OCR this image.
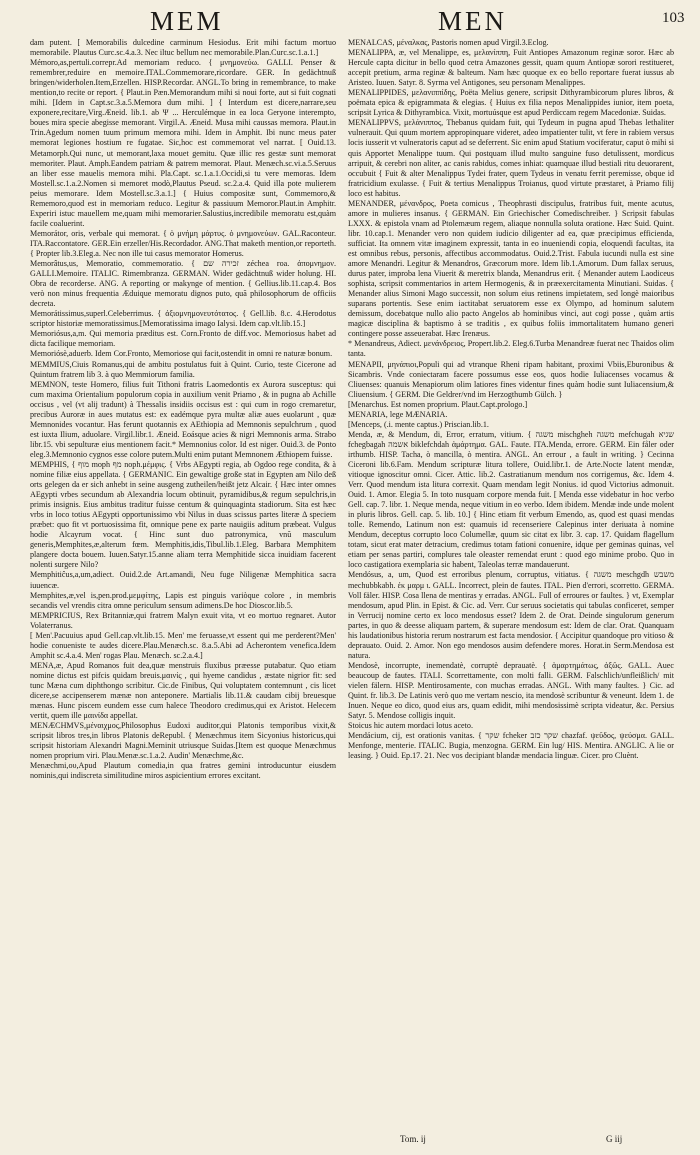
MEM	MEN	103

dam putent. [ Memorabilis dulcedine carminum Hesiodus. Erit mihi factum mortuo memorabile. Plautus Curc.sc.4.a.3. Nec iltuc bellum nec memorabile.Plan.Curc.sc.1.a.1.]

Mémoro,as,pertuli.correpr.Ad memoriam reduco. { μνημονεύω. GALLI. Penser & remembrer,reduire en memoire.ITAL.Commemorare,ricordare. GER. In gedächtnuß bringen/widerholen.Item,Erzellen. HISP.Recordar. ANGL.To bring in remembrance, to make mention,to recite or report. { Plaut.in Pæn.Memorandum mihi si noui forte, aut si fuit cognati mihi. [Idem in Capt.sc.3.a.5.Memora dum mihi. ] { Interdum est dicere,narrare,seu exponere,recitare,Virg.Æneid. lib.1. ab Ψ ... Herculémque in ea loca Geryone interempto, boues mira specie abegisse memorant. Virgil.A. Æneid. Musa mihi caussas memora. Plaut.in Trin.Agedum nomen tuum primum memora mihi. Idem in Amphit. Ibi nunc meus pater memorat legiones hostium re fugatae. Sic,hoc est commemorat vel narrat. [ Ouid.13. Metamorph.Qui nunc, ut memorant,laxa mouet gemitu. Quæ illic res gestæ sunt memorat memoriter. Plaut. Amph.Eandem patriam & patrem memorat. Plaut. Menæch.sc.vi.a.5.Seruus an liber esse mauelis memora mihi. Pla.Capt. sc.1.a.1.Occidi,si tu vere memoras. Idem Mostell.sc.1.a.2.Nomen si memoret modò,Plautus Pseud. sc.2.a.4. Quid illa pote mulierem peius memorare. Idem Mostell.sc.3.a.1.] { Huius compositæ sunt, Commemoro,& Rememoro,quod est in memoriam reduco. Legitur & passiuum Memoror.Plaut.in Amphitr. Experiri istuc mauellem me,quam mihi memorarier.Salustius,incredibile memoratu est,quàm facile coaluerint.

Memorátor, oris, verbale qui memorat. { ὁ μνήμη μάρτυς. ὁ μνημονεύων. GAL.Raconteur. ITA.Raccontatore. GER.Ein erzeller/His.Recordador. ANG.That maketh mention,or reporteth. { Propter lib.3.Eleg.a. Nec non ille tui casus memorator Homerus.

Memorâtus,us, Memoratio, commemoratio. { זכירה שם zéchea roa. ἀπομνημον. GALLI.Memoire. ITALIC. Rimembranza. GERMAN. Wider gedächtnuß wider holung. HI. Obra de recorderse. ANG. A reporting or makynge of mention. { Gellius.lib.11.cap.4. Bos verò non minus frequentia Æduique memoratu dignos puto, quã philosophorum de officiis decreta.

Memorátissimus,superl.Celeberrimus. { ἀξιομνημονευτότατος. { Gell.lib. 8.c. 4.Herodotus scriptor historiæ memoratissimus.[Memoratissima imago Ialysi. Idem cap.vlt.lib.15.]

Memoriósus,a,m. Qui memoria præditus est. Corn.Fronto de diff.voc. Memoriosus habet ad dicta facilique memoriam.

Memoriósè,aduerb. Idem Cor.Fronto, Memoriose qui facit,ostendit in omni re naturæ bonum.

MEMMIUS,Ciuis Romanus,qui de ambitu postulatus fuit à Quint. Curio, teste Cicerone ad Quintum fratrem lib 3. à quo Memmiorum familia.

MEMNON, teste Homero, filius fuit Tithoni fratris Laomedontis ex Aurora susceptus: qui cum maxima Orientalium populorum copia in auxilium venit Priamo , & in pugna ab Achille occisus , vel (vt alij tradunt) à Thessalis insidiis occisus est : qui cum in rogo cremaretur, precibus Auroræ in aues mutatus est: ex eadémque pyra multæ aliæ aues euolarunt , quæ Memnonides vocantur. Has ferunt quotannis ex AEthiopia ad Memnonis sepulchrum , quod est iuxta Ilium, aduolare. Virgil.libr.1. Æneid. Eoásque acies & nigri Memnonis arma. Strabo libr.15. vbi sepulturæ eius mentionem facit.* Memnonius color. Id est niger. Ouid.3. de Ponto eleg.3.Memnonio cygnos esse colore putem.Multi enim putant Memnonem Æthiopem fuisse.

MEMPHIS, { מוף moph מף noph.μέμφις. { Vrbs AEgypti regia, ab Ogdoo rege condita, & à nomine filiæ eius appellata. { GERMANIC. Ein gewaltige große stat in Egypten am Nilo deß orts gelegen da er sich anhebt in seine ausgeng zutheilen/heißt jetz Alcair. { Hæc inter omnes AEgypti vrbes secundum ab Alexandria locum obtinuit, pyramidibus,& regum sepulchris,in primis insignis. Eius ambitus traditur fuisse centum & quinquaginta stadiorum. Sita est hæc vrbs in loco totius AEgypti opportunissimo vbi Nilus in duas scissus partes literæ Δ speciem præbet: quo fit vt portuosissima fit, omnique pene ex parte nauigiis aditum præbeat. Vulgus hodie Alcayrum vocat. { Hinc sunt duo patronymica, vnũ masculum generis,Memphites,æ,alterum fœm. Memphitis,idis,Tibul.lib.1.Eleg. Barbara Memphitem plangere docta bouem. Iuuen.Satyr.15.anne aliam terra Memphitide sicca inuidiam facerent nolenti surgere Nilo?

Memphitiĉus,a,um,adiect. Ouid.2.de Art.amandi, Neu fuge Niligenæ Memphitica sacra iuuencæ.

Memphites,æ,vel is,pen.prod.μεμφίτης, Lapis est pinguis variòque colore , in membris secandis vel vrendis citra omne periculum sensum adimens.De hoc Dioscor.lib.5.

MEMPRICIUS, Rex Britanniæ,qui fratrem Malyn exuit vita, vt eo mortuo regnaret. Autor Volaterranus.

[ Men'.Pacuuius apud Gell.cap.vlt.lib.15. Men' me feruasse,vt essent qui me perderent?Men' hodie conueniste te audes dicere.Plau.Menæch.sc. 8.a.5.Abi ad Acherontem venefica.Idem Amphit sc.4.a.4. Men' rogas Plau. Menæch. sc.2.a.4.]

MENA,æ, Apud Romanos fuit dea,quæ menstruis fluxibus præesse putabatur. Quo etiam nomine dictus est pifcis quidam breuis.μαινίς , qui hyeme candidus , æstate nigrior fit: sed tunc Mæna cum diphthongo scribitur. Cic.de Finibus, Qui voluptatem contemnunt , cis licet dicere,se accipenserem mænæ non anteponere. Martialis lib.11.& caudam cibij breuesque mænas. Hunc piscem eundem esse cum halece Theodoro credimus,qui ex Aristot. Helecem vertit, quem ille μαινίδα appellat.

MENÆCHMVS,μέναιχμος,Philosophus Eudoxi auditor,qui Platonis temporibus vixit,& scripsit libros tres,in libros Platonis deRepubl. { Menæchmus item Sicyonius historicus,qui scripsit historiam Alexandri Magni.Meminit utriusque Suidas.[Item est quoque Menæchmus nomen proprium viri. Plau.Menæ.sc.1.a.2. Audin' Menæchme,&c.

Menæchmi,ου,Apud Plautum comedia,in qua fratres gemini introducuntur eiusdem nominis,qui indiscreta similitudine miros aspicientium errores excitant.

MENALCAS, μέναλκας, Pastoris nomen apud Virgil.3.Eclog.

MENALIPPA, æ, vel Menalippe, es, μελανίππη, Fuit Antiopes Amazonum reginæ soror. Hæc ab Hercule capta dicitur in bello quod cetra Amazones gessit, quam quum Antiopæ sorori restitueret, accepit pretium, arma reginæ & balteum. Nam hæc quoque ex eo bello reportare fuerat iussus ab Aristeo. Iuuen. Satyr. 8. Syrma vel Antigones, seu personam Menalippes.

MENALIPPIDES, μελανιππίδης, Poëta Melius genere, scripsit Dithyrambicorum plures libros, & poëmata epica & epigrammata & elegias. { Huius ex filia nepos Menalippides iunior, item poeta, scripsit Lyrica & Dithyrambica. Vixit, mortuúsque est apud Perdiccam regem Macedoniæ. Suidas.

MENALIPPVS, μελάνιππος, Thebanus quidam fuit, qui Tydeum in pugna apud Thebas lethaliter vulnerauit. Qui quum mortem appropinquare videret, adeo impatienter tulit, vt fere in rabiem versus locis iusserit vt vulneratoris caput ad se deferrent. Sic enim apud Statium vociferatur, caput ò mihi si quis Apportet Menalippe tuum. Qui postquam illud multo sanguine fuso detulissent, mordicus arripuit, & cerebri non aliter, ac canis rabidus, comes inhiat: quamquae illud bestiali ritu deuorarent, occubuit { Fuit & alter Menalippus Tydei frater, quem Tydeus in venatu ferrit peremisse, obque id fratricidium exulasse. { Fuit & tertius Menalippus Troianus, quod virtute præstaret, à Priamo filij loco est habitus.

MENANDER, μένανδρος, Poeta comicus , Theophrasti discipulus, fratribus fuit, mente acutus, amore in mulieres insanus. { GERMAN. Ein Griechischer Comedischreiber. } Scripsit fabulas LXXX. & epistola vnam ad Ptolemæum regem, aliaque nonnulla soluta oratione. Hæc Suid. Quint. libr. 10.cap.1. Menander vero non quidem iudicio diligenter ad ea, quæ præcipimus efficienda, sufficiat. Ita omnem vitæ imaginem expressit, tanta in eo inueniendi copia, eloquendi facultas, ita est omnibus rebus, personis, affectibus accommodatus. Ouid.2.Trist. Fabula iucundi nulla est sine amore Menandri. Legitur & Menandros, Græcorum more. Idem lib.1.Amorum. Dum fallax seruus, durus pater, improba lena Viuerit & meretrix blanda, Menandrus erit. { Menander autem Laodiceus sophista, scripsit commentarios in artem Hermogenis, & in præexercitamenta Minutiani. Suidas. { Menander alius Simoni Mago successit, non solum eius retinens impietatem, sed longè maioribus suparans portentis. Sese enim iactitabat seruatorem esse ex Olympo, ad hominum salutem demissum, docebatque nullo alio pacto Angelos ab hominibus vinci, aut cogi posse , quàm artis magicæ disciplina & baptismo à se traditis , ex quibus foliis immortalitatem humano generi contingere posse asseuerabat. Hæc Irenæus.

* Menandreus, Adiect. μενάνδρειος, Propert.lib.2. Eleg.6.Turba Menandreæ fuerat nec Thaidos olim tanta.

MENAPII, μηνάπιοι,Populi qui ad vtranque Rheni ripam habitant, proximi Vbiis,Eburonibus & Sicambris. Vnde coniectaram facere possumus esse eos, quos hodie Iuliacenses vocamus & Cliuenses: quanuis Menapiorum olim latiores fines videntur fines quàm hodie sunt Iuliacensium,& Cliuensium. { GERM. Die Geldrer/vnd im Herzogthumb Gülch. }

[Menarchus. Est nomen proprium. Plaut.Capt.prologo.]

MENARIA, lege MÆNARIA.

[Menceps, (.i. mente captus.) Priscian.lib.1.

Menda, æ, & Mendum, di, Error, erratum, vitium. { משגה mischgheh משגה mefchugah שגיא fchegbagah אשמה biklefchdah ἁμάρτημα. GAL. Faute. ITA.Menda, errore. GERM. Ein fåler oder irthumb. HISP. Tacha, ò mancilla, ò mentira. ANGL. An errour , a fault in writing. } Cecinna Ciceroni lib.6.Fam. Mendum scripturæ litura tollere, Ouid.libr.1. de Arte.Nocte latent mendæ, vitioque ignoscitur omni. Cicer. Attic. lib.2. Castratianum mendum nos corrigemus, &c. Idem 4. Verr. Quod mendum ista litura correxit. Quam mendam legit Nonius. id quod Victorius admonuit. Ouid. 1. Amor. Elegia 5. In toto nusquam corpore menda fuit. [ Menda esse videbatur in hoc verbo Gell. cap. 7. libr. 1. Neque menda, neque vitium in eo verbo. Idem ibidem. Mendæ inde unde molent in pluris libros. Gell. cap. 5. lib. 10.] { Hinc etiam fit verbum Emendo, as, quod est quasi mendas tolle. Remendo, Latinum non est: quamuis id recenseriere Calepinus inter deriuata à nomine Mendum, deceptus corrupto loco Columellæ, quum sic citat ex libr. 3. cap. 17. Quidam flagellum totam, sicut erat mater detracium, credimus totam fationi conuenire, idque per geminas quinas, vel etiam per senas partiri, complures tale oleaster remendat erunt : quod ego minime probo. Quo in loco castigatiora exemplaria sic habent, Taleolas terræ mandauerunt.

Mendósus, a, um, Quod est erroribus plenum, corruptus, vitiatus. { משגה meschgdh משבש mechubbkabh. ἐκ μαρμ ι. GALL. Incorrect, plein de fautes. ITAL. Pien d'errori, scorretto. GERMA. Voll fäler. HISP. Cosa llena de mentiras y erradas. ANGL. Full of erroures or faultes. } vt, Exemplar mendosum, apud Plin. in Epist. & Cic. ad. Verr. Cur seruus societatis qui tabulas conficeret, semper in Verrucij nomine certo ex loco mendosus esset? Idem 2. de Orat. Deinde singulorum generum partes, in quo & deesse aliquam partem, & superare mendosum est: Idem de clar. Orat. Quanquam his laudationibus historia rerum nostrarum est facta mendosior. { Accipitur quandoque pro vitioso & deprauato. Ouid. 2. Amor. Non ego mendosos ausim defendere mores. Horat.in Serm.Mendosa est natura.

Mendosè, incorrupte, inemendatè, corruptè deprauatè. { ἁμαρτημάτως, ἁξῶς. GALL. Auec beaucoup de fautes. ITALI. Scorrettamente, con molti falli. GERM. Falschlich/unfleißlich/ mit vielen fälern. HISP. Mentirosamente, con muchas erradas. ANGL. With many faultes. } Cic. ad Quint. fr. lib.3. De Latinis verò quo me vertam nescio, ita mendosè scribuntur & veneunt. Idem 1. de Inuen. Neque eo dico, quod eius ars, quam edidit, mihi mendosissimè scripta videatur, &c. Persius Satyr. 5. Mendose colligis inquit.

Stoicus hic autem mordaci lotus aceto.

Mendácium, cij, est orationis vanitas. { שקר fcheker שקר כזב chazfaf. ψεῦδος, ψεύσμα. GALL. Menfonge, menterie. ITALIC. Bugia, menzogna. GERM. Ein lug/ HIS. Mentira. ANGLIC. A lie or leasing. } Ouid. Ep.17. 21. Nec vos decipiant blandæ mendacia linguæ. Cicer. pro Cluènt.

Tom. ij	G iij
